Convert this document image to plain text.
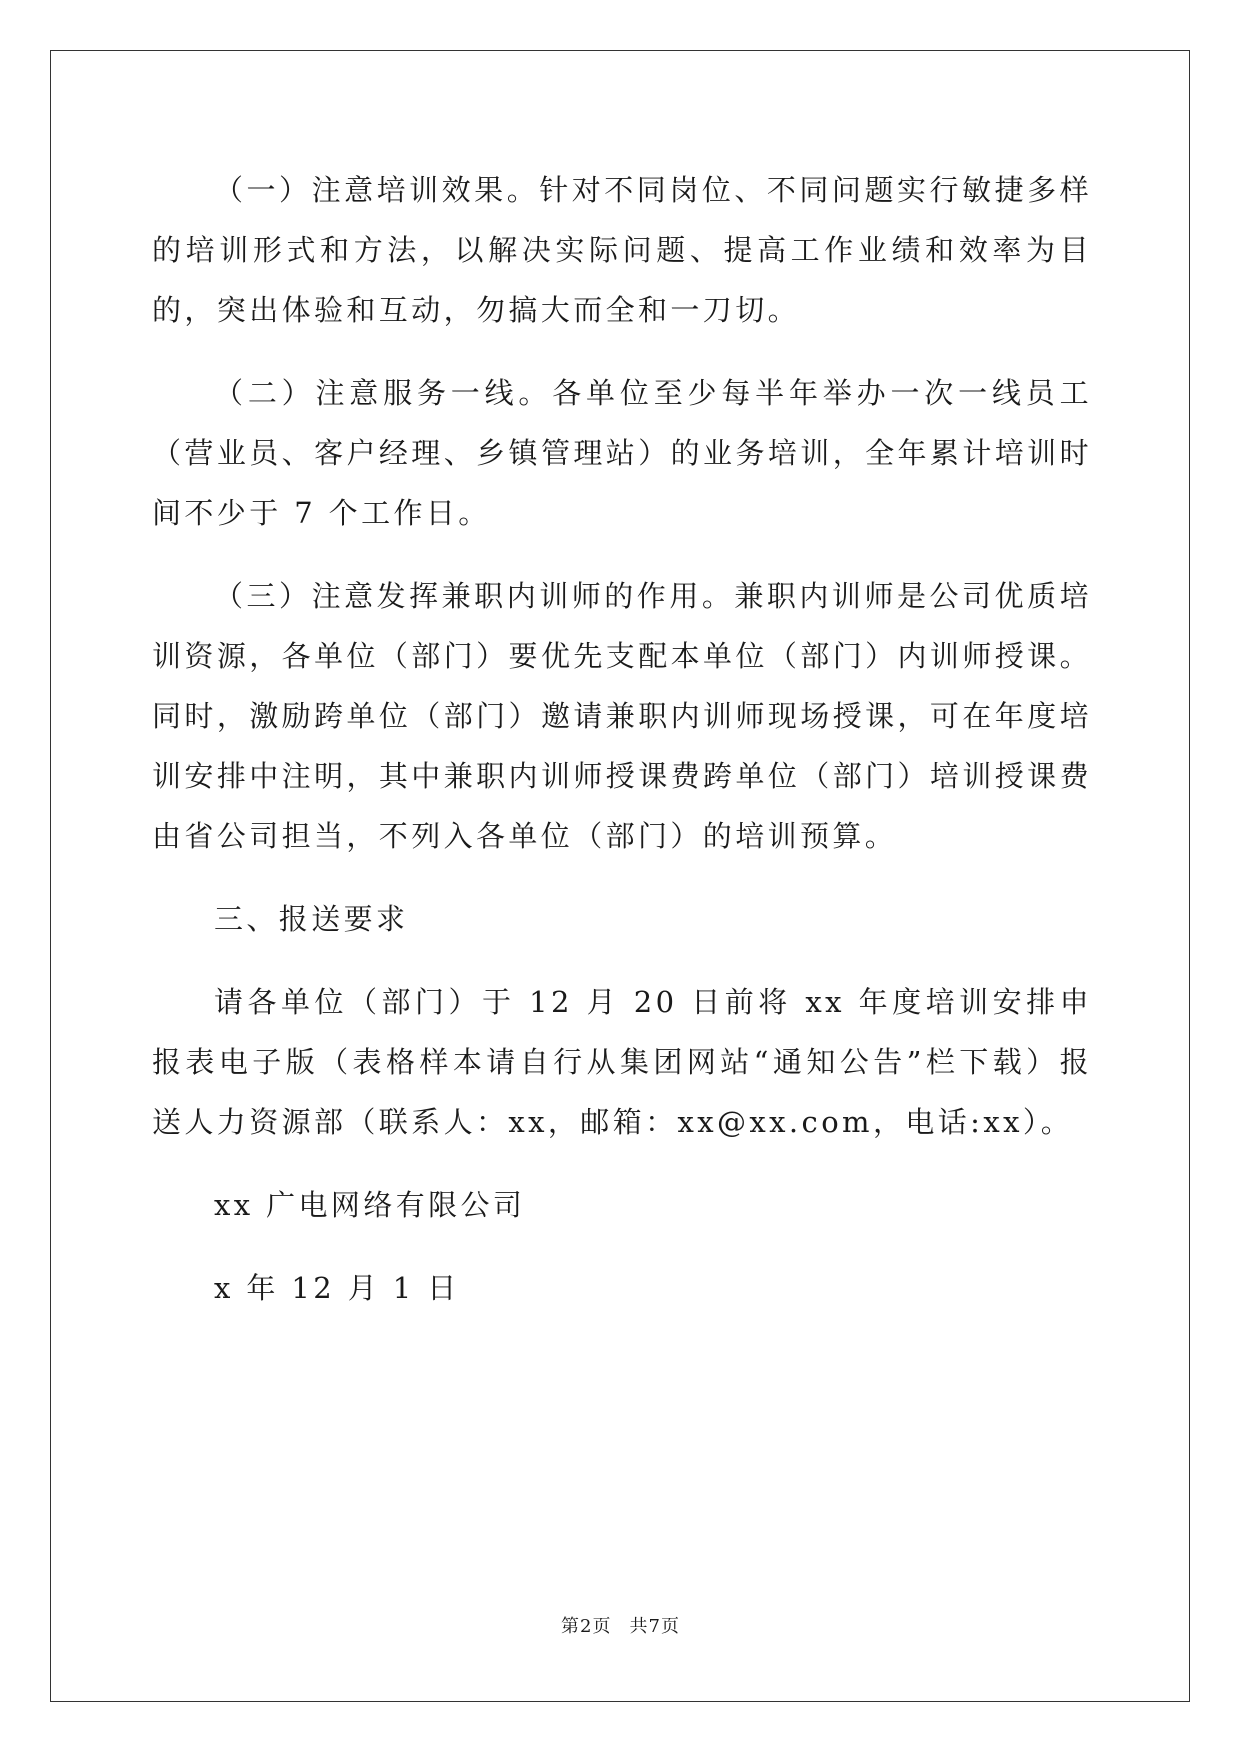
（一）注意培训效果。针对不同岗位、不同问题实行敏捷多样的培训形式和方法，以解决实际问题、提高工作业绩和效率为目的，突出体验和互动，勿搞大而全和一刀切。

（二）注意服务一线。各单位至少每半年举办一次一线员工（营业员、客户经理、乡镇管理站）的业务培训，全年累计培训时间不少于 7 个工作日。

（三）注意发挥兼职内训师的作用。兼职内训师是公司优质培训资源，各单位（部门）要优先支配本单位（部门）内训师授课。同时，激励跨单位（部门）邀请兼职内训师现场授课，可在年度培训安排中注明，其中兼职内训师授课费跨单位（部门）培训授课费由省公司担当，不列入各单位（部门）的培训预算。

三、报送要求

请各单位（部门）于 12 月 20 日前将 xx 年度培训安排申报表电子版（表格样本请自行从集团网站“通知公告”栏下载）报送人力资源部（联系人：xx，邮箱：xx@xx.com，电话:xx）。

xx 广电网络有限公司

x 年 12 月 1 日

第2页 共7页
